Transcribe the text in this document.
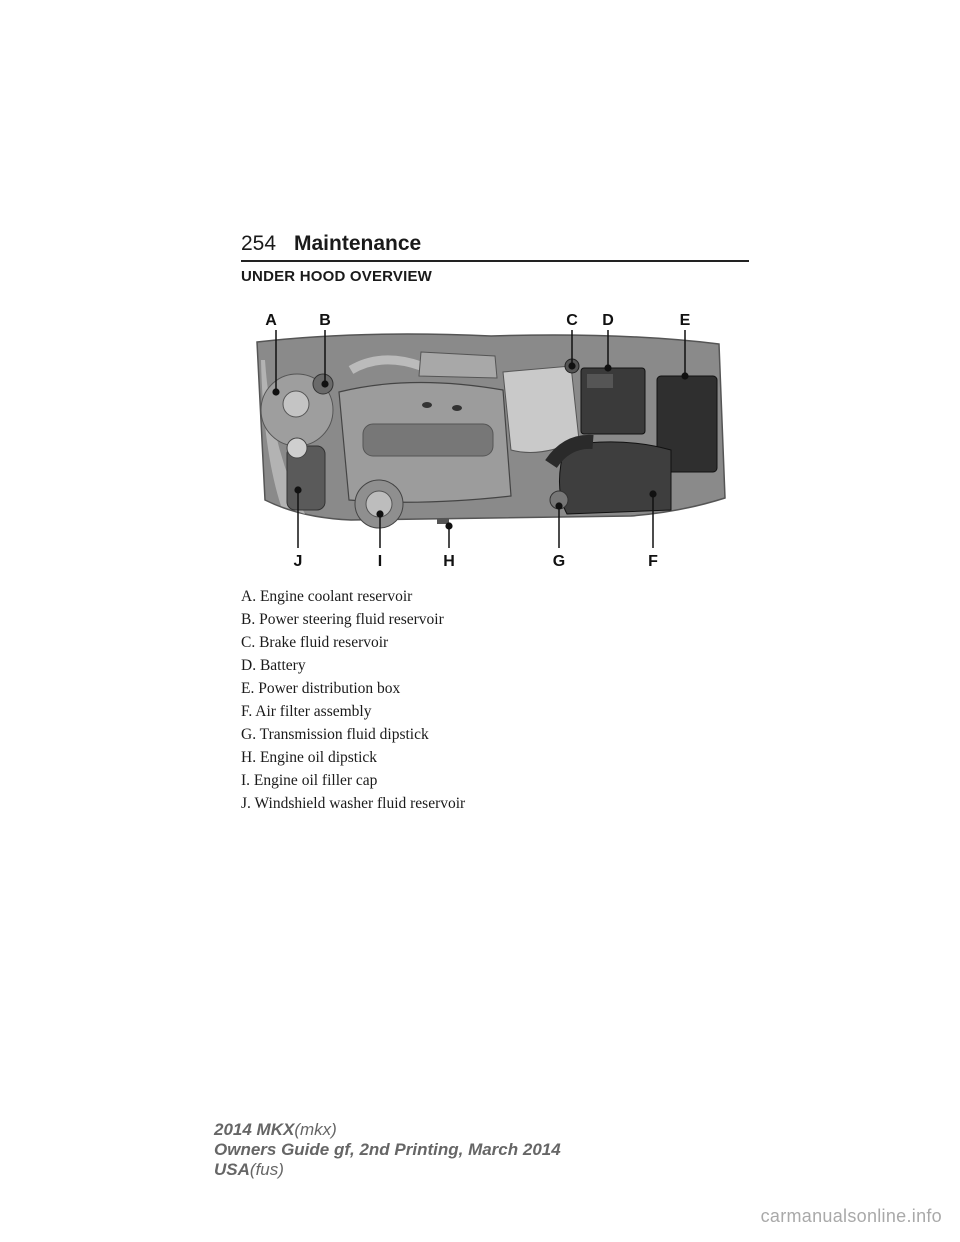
254 Maintenance
UNDER HOOD OVERVIEW
A	B	C D	E
J	I	H	G	F
A. Engine coolant reservoir
B. Power steering fluid reservoir
C. Brake fluid reservoir
D. Battery
E. Power distribution box
F. Air filter assembly
G. Transmission fluid dipstick
H. Engine oil dipstick
I. Engine oil filler cap
J. Windshield washer fluid reservoir
2014 MKX(mkx)
Owners Guide gf, 2nd Printing, March 2014
USA(fus)
carmanualsonline.info
